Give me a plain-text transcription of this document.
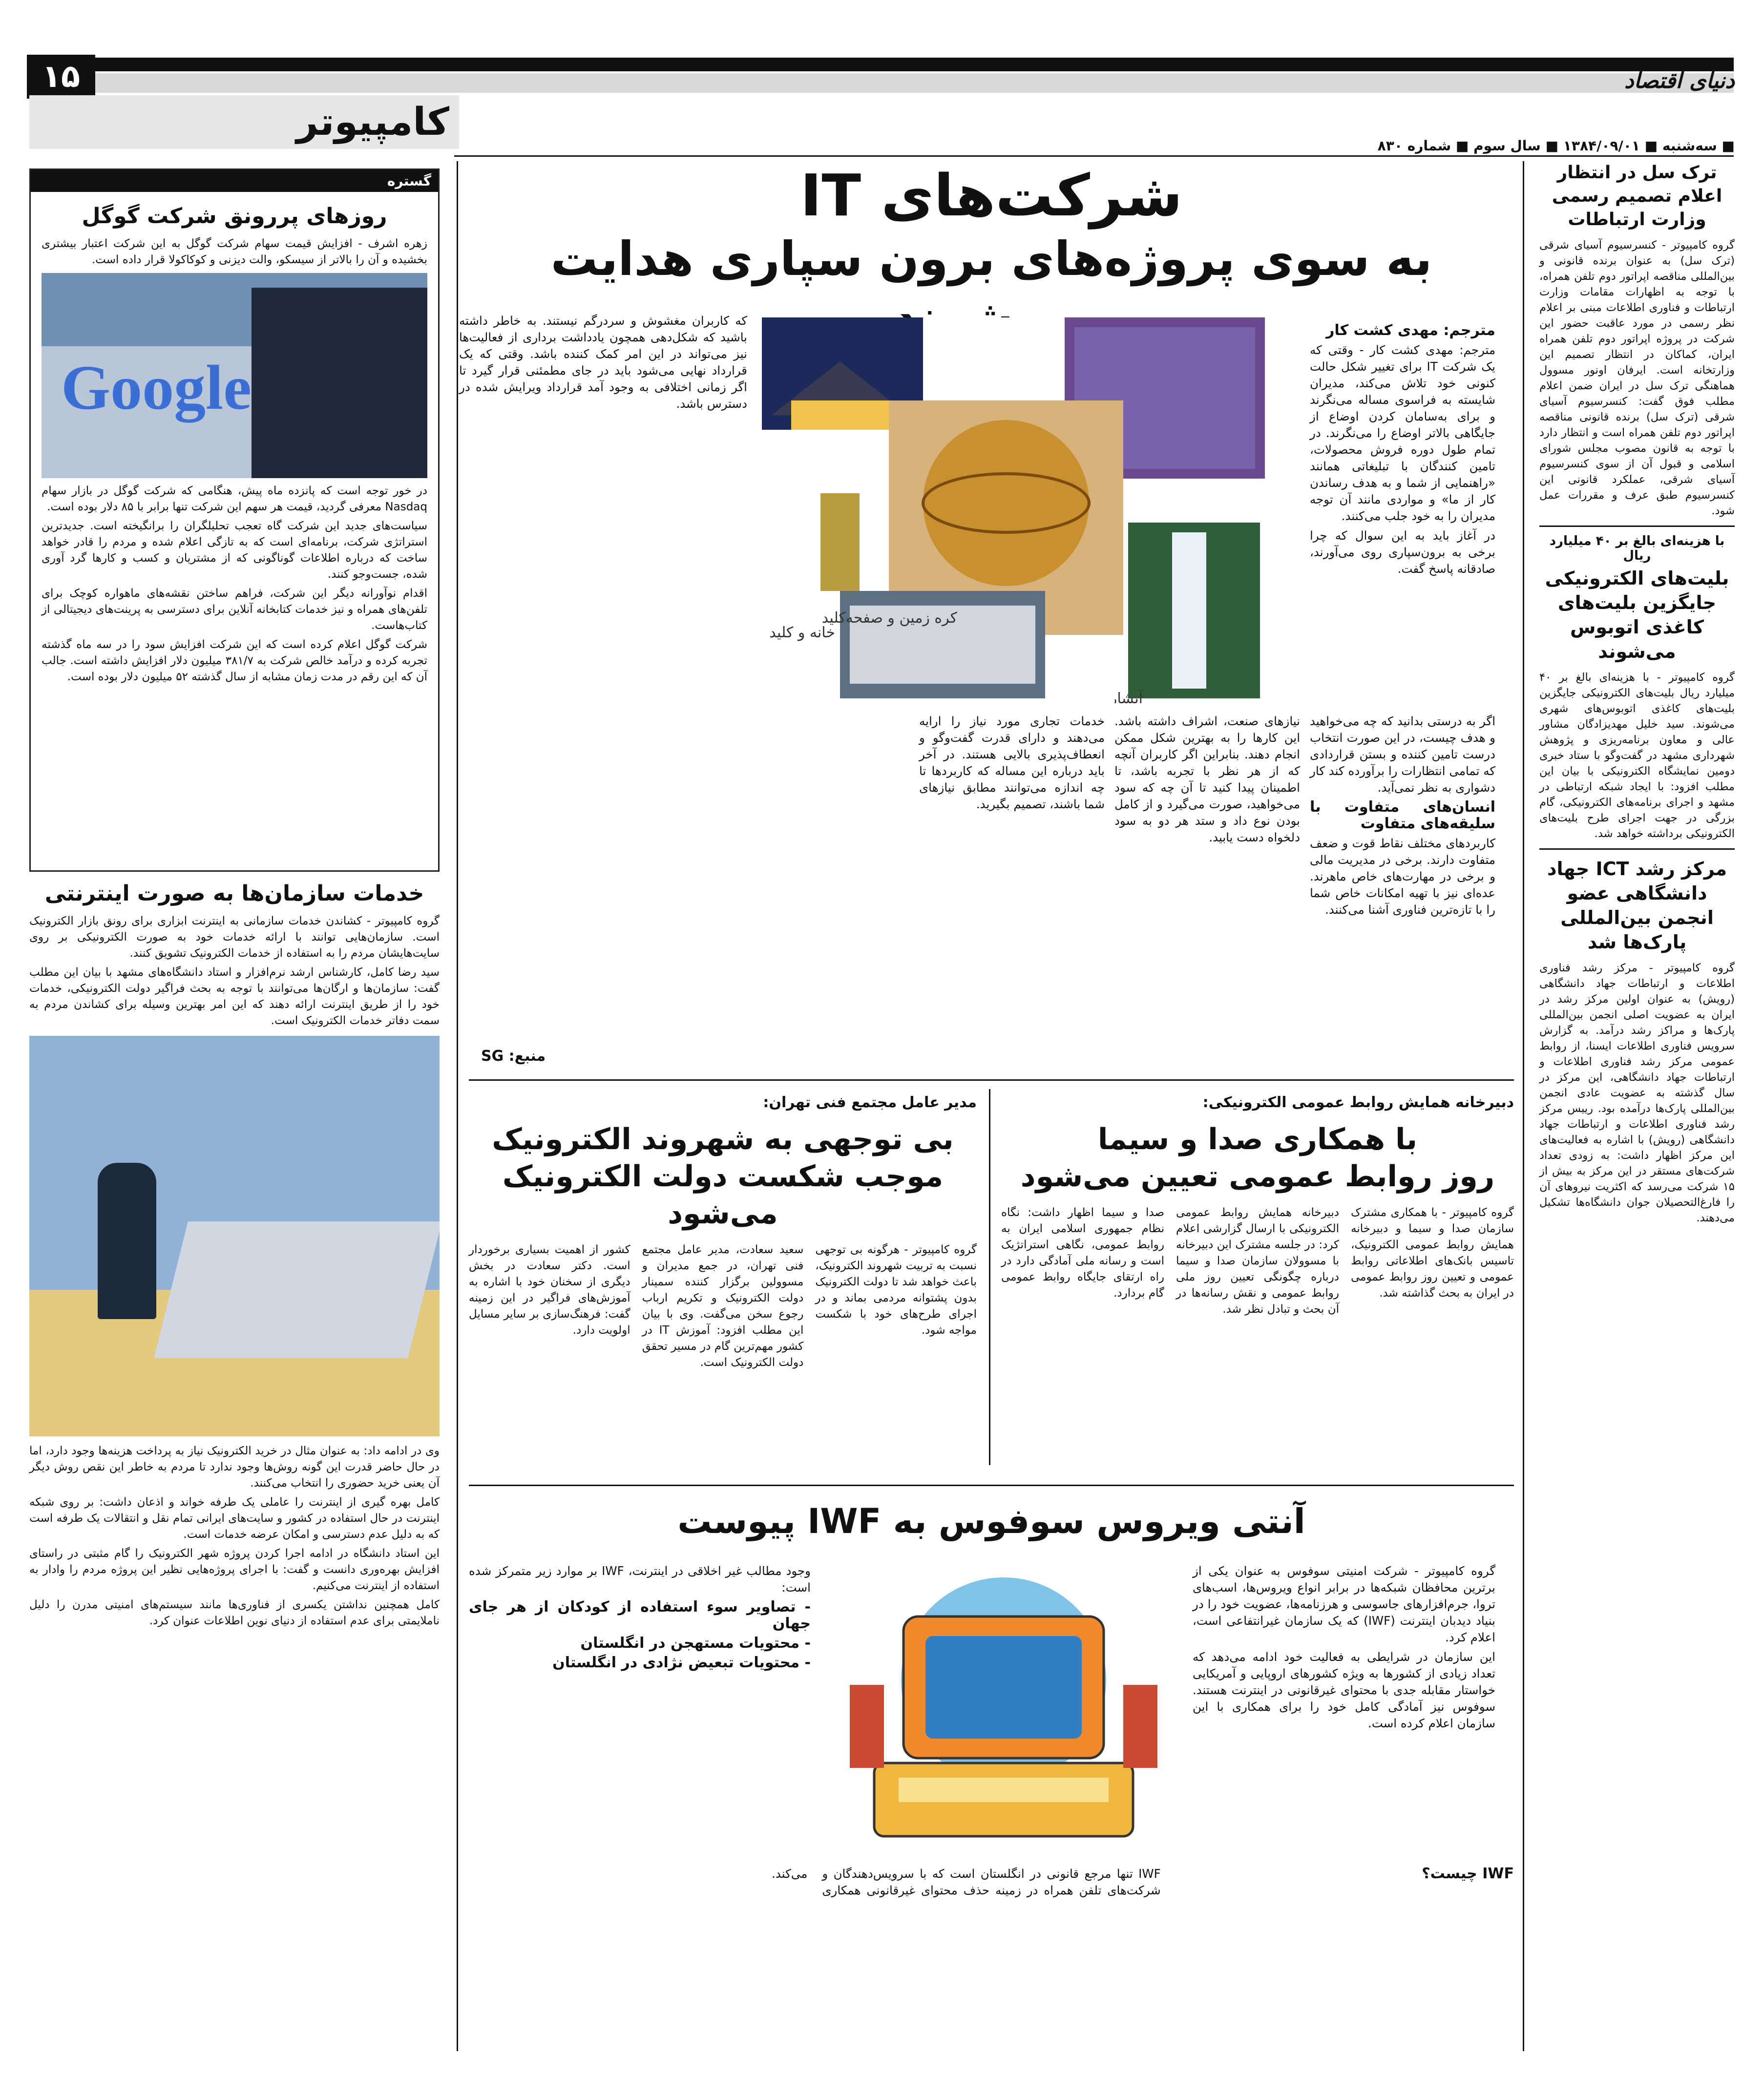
۱۵	دنیای اقتصاد
کامپیوتر
■ سه‌شنبه ■ ۱۳۸۴/۰۹/۰۱ ■ سال سوم ■ شماره ۸۳۰
ترک سل در انتظار اعلام تصمیم رسمی وزارت ارتباطات
گروه کامپیوتر - کنسرسیوم آسیای شرقی (ترک سل) به عنوان برنده قانونی و بین‌المللی مناقصه اپراتور دوم تلفن همراه، با توجه به اظهارات مقامات وزارت ارتباطات و فناوری اطلاعات مبنی بر اعلام نظر رسمی در مورد عاقبت حضور این شرکت در پروژه اپراتور دوم تلفن همراه ایران، کماکان در انتظار تصمیم این وزارتخانه است. ایرفان اونور مسوول هماهنگی ترک سل در ایران ضمن اعلام مطلب فوق گفت: کنسرسیوم آسیای شرقی (ترک سل) برنده قانونی مناقصه اپراتور دوم تلفن همراه است و انتظار دارد با توجه به قانون مصوب مجلس شورای اسلامی و قبول آن از سوی کنسرسیوم آسیای شرقی، عملکرد قانونی این کنسرسیوم طبق عرف و مقررات عمل شود.
با هزینه‌ای بالغ بر ۴۰ میلیارد ریال
بلیت‌های الکترونیکی جایگزین بلیت‌های کاغذی اتوبوس می‌شوند
گروه کامپیوتر - با هزینه‌ای بالغ بر ۴۰ میلیارد ریال بلیت‌های الکترونیکی جایگزین بلیت‌های کاغذی اتوبوس‌های شهری می‌شوند. سید خلیل مهدیزادگان مشاور عالی و معاون برنامه‌ریزی و پژوهش شهرداری مشهد در گفت‌وگو با ستاد خبری دومین نمایشگاه الکترونیکی با بیان این مطلب افزود: با ایجاد شبکه ارتباطی در مشهد و اجرای برنامه‌های الکترونیکی، گام بزرگی در جهت اجرای طرح بلیت‌های الکترونیکی برداشته خواهد شد.
مرکز رشد ICT جهاد دانشگاهی عضو انجمن بین‌المللی پارک‌ها شد
گروه کامپیوتر - مرکز رشد فناوری اطلاعات و ارتباطات جهاد دانشگاهی (رویش) به عنوان اولین مرکز رشد در ایران به عضویت اصلی انجمن بین‌المللی پارک‌ها و مراکز رشد درآمد. به گزارش سرویس فناوری اطلاعات ایسنا، از روابط عمومی مرکز رشد فناوری اطلاعات و ارتباطات جهاد دانشگاهی، این مرکز در سال گذشته به عضویت عادی انجمن بین‌المللی پارک‌ها درآمده بود. رییس مرکز رشد فناوری اطلاعات و ارتباطات جهاد دانشگاهی (رویش) با اشاره به فعالیت‌های این مرکز اظهار داشت: به زودی تعداد شرکت‌های مستقر در این مرکز به بیش از ۱۵ شرکت می‌رسد که اکثریت نیروهای آن را فارغ‌التحصیلان جوان دانشگاه‌ها تشکیل می‌دهند.
شرکت‌های IT
به سوی پروژه‌های برون سپاری هدایت
خانه و کلید
کره زمین و صفحه‌کلید
آبشار

مترجم: مهدی کشت کار

مترجم: مهدی کشت کار - وقتی که یک شرکت IT برای تغییر شکل حالت کنونی خود تلاش می‌کند، مدیران شایسته به فراسوی مساله می‌نگرند و برای به‌سامان کردن اوضاع از جایگاهی بالاتر اوضاع را می‌نگرند. در تمام طول دوره فروش محصولات، تامین کنندگان با تبلیغاتی همانند «راهنمایی از شما و به هدف رساندن کار از ما» و مواردی مانند آن توجه مدیران را به خود جلب می‌کنند.

در آغاز باید به این سوال که چرا برخی به برون‌سپاری روی می‌آورند، صادقانه پاسخ گفت.

که کاربران مغشوش و سردرگم نیستند. به خاطر داشته باشید که شکل‌دهی همچون یادداشت برداری از فعالیت‌ها نیز می‌تواند در این امر کمک کننده باشد. وقتی که یک قرارداد نهایی می‌شود باید در جای مطمئنی قرار گیرد تا اگر زمانی اختلافی به وجود آمد قرارداد ویرایش شده در دسترس باشد.

اگر به درستی بدانید که چه می‌خواهید و هدف چیست، در این صورت انتخاب درست تامین کننده و بستن قراردادی که تمامی انتظارات را برآورده کند کار دشواری به نظر نمی‌آید.

انسان‌های متفاوت با سلیقه‌های متفاوت

کاربردهای مختلف نقاط قوت و ضعف متفاوت دارند. برخی در مدیریت مالی و برخی در مهارت‌های خاص ماهرند. عده‌ای نیز با تهیه امکانات خاص شما را با تازه‌ترین فناوری آشنا می‌کنند.

نیازهای صنعت، اشراف داشته باشد. این کارها را به بهترین شکل ممکن انجام دهند. بنابراین اگر کاربران آنچه که از هر نظر با تجربه باشد، تا اطمینان پیدا کنید تا آن چه که سود می‌خواهید، صورت می‌گیرد و از کامل بودن نوع داد و ستد هر دو به سود دلخواه دست یابید.

خدمات تجاری مورد نیاز را ارایه می‌دهند و دارای قدرت گفت‌وگو و انعطاف‌پذیری بالایی هستند. در آخر باید درباره این مساله که کاربردها تا چه اندازه می‌توانند مطابق نیازهای شما باشند، تصمیم بگیرید.

منبع: SG
دبیرخانه همایش روابط عمومی الکترونیکی:
با همکاری صدا و سیما
روز روابط عمومی تعیین می‌شود

گروه کامپیوتر - با همکاری مشترک سازمان صدا و سیما و دبیرخانه همایش روابط عمومی الکترونیک، تاسیس بانک‌های اطلاعاتی روابط عمومی و تعیین روز روابط عمومی در ایران به بحث گذاشته شد.

دبیرخانه همایش روابط عمومی الکترونیکی با ارسال گزارشی اعلام کرد: در جلسه مشترک این دبیرخانه با مسوولان سازمان صدا و سیما درباره چگونگی تعیین روز ملی روابط عمومی و نقش رسانه‌ها در آن بحث و تبادل نظر شد.

صدا و سیما اظهار داشت: نگاه نظام جمهوری اسلامی ایران به روابط عمومی، نگاهی استراتژیک است و رسانه ملی آمادگی دارد در راه ارتقای جایگاه روابط عمومی گام بردارد.

مدیر عامل مجتمع فنی تهران:
بی توجهی به شهروند الکترونیک
موجب شکست دولت الکترونیک می‌شود

گروه کامپیوتر - هرگونه بی توجهی نسبت به تربیت شهروند الکترونیک، باعث خواهد شد تا دولت الکترونیک بدون پشتوانه مردمی بماند و در اجرای طرح‌های خود با شکست مواجه شود.

سعید سعادت، مدیر عامل مجتمع فنی تهران، در جمع مدیران و مسوولین برگزار کننده سمینار دولت الکترونیک و تکریم ارباب رجوع سخن می‌گفت. وی با بیان این مطلب افزود: آموزش IT در کشور مهم‌ترین گام در مسیر تحقق دولت الکترونیک است.

کشور از اهمیت بسیاری برخوردار است. دکتر سعادت در بخش دیگری از سخنان خود با اشاره به آموزش‌های فراگیر در این زمینه گفت: فرهنگ‌سازی بر سایر مسایل اولویت دارد.

آنتی ویروس سوفوس به IWF پیوست

گروه کامپیوتر - شرکت امنیتی سوفوس به عنوان یکی از برترین محافظان شبکه‌ها در برابر انواع ویروس‌ها، اسب‌های تروا، جرم‌افزارهای جاسوسی و هرزنامه‌ها، عضویت خود را در بنیاد دیدبان اینترنت (IWF) که یک سازمان غیرانتفاعی است، اعلام کرد.

این سازمان در شرایطی به فعالیت خود ادامه می‌دهد که تعداد زیادی از کشورها به ویژه کشورهای اروپایی و آمریکایی خواستار مقابله جدی با محتوای غیرقانونی در اینترنت هستند. سوفوس نیز آمادگی کامل خود را برای همکاری با این سازمان اعلام کرده است.

وجود مطالب غیر اخلاقی در اینترنت، IWF بر موارد زیر متمرکز شده است:

- تصاویر سوء استفاده از کودکان از هر جای جهان

- محتویات مستهجن در انگلستان

- محتویات تبعیض نژادی در انگلستان

IWF چیست؟

IWF تنها مرجع قانونی در انگلستان است که با سرویس‌دهندگان و شرکت‌های تلفن همراه در زمینه حذف محتوای غیرقانونی همکاری می‌کند.

گستره
روزهای پررونق شرکت گوگل

زهره اشرف - افزایش قیمت سهام شرکت گوگل به این شرکت اعتبار بیشتری بخشیده و آن را بالاتر از سیسکو، والت دیزنی و کوکاکولا قرار داده است.

Google

در خور توجه است که پانزده ماه پیش، هنگامی که شرکت گوگل در بازار سهام Nasdaq معرفی گردید، قیمت هر سهم این شرکت تنها برابر با ۸۵ دلار بوده است.

سیاست‌های جدید این شرکت گاه تعجب تحلیلگران را برانگیخته است. جدیدترین استراتژی شرکت، برنامه‌ای است که به تازگی اعلام شده و مردم را قادر خواهد ساخت که درباره اطلاعات گوناگونی که از مشتریان و کسب و کارها گرد آوری شده، جست‌وجو کنند.

اقدام نوآورانه دیگر این شرکت، فراهم ساختن نقشه‌های ماهواره کوچک برای تلفن‌های همراه و نیز خدمات کتابخانه آنلاین برای دسترسی به پرینت‌های دیجیتالی از کتاب‌هاست.

شرکت گوگل اعلام کرده است که این شرکت افزایش سود را در سه ماه گذشته تجربه کرده و درآمد خالص شرکت به ۳۸۱/۷ میلیون دلار افزایش داشته است. جالب آن که این رقم در مدت زمان مشابه از سال گذشته ۵۲ میلیون دلار بوده است.

خدمات سازمان‌ها به صورت اینترنتی

گروه کامپیوتر - کشاندن خدمات سازمانی به اینترنت ابزاری برای رونق بازار الکترونیک است. سازمان‌هایی توانند با ارائه خدمات خود به صورت الکترونیکی بر روی سایت‌هایشان مردم را به استفاده از خدمات الکترونیک تشویق کنند.

سید رضا کامل، کارشناس ارشد نرم‌افزار و استاد دانشگاه‌های مشهد با بیان این مطلب گفت: سازمان‌ها و ارگان‌ها می‌توانند با توجه به بحث فراگیر دولت الکترونیکی، خدمات خود را از طریق اینترنت ارائه دهند که این امر بهترین وسیله برای کشاندن مردم به سمت دفاتر خدمات الکترونیک است.

وی در ادامه داد: به عنوان مثال در خرید الکترونیک نیاز به پرداخت هزینه‌ها وجود دارد، اما در حال حاضر قدرت این گونه روش‌ها وجود ندارد تا مردم به خاطر این نقص روش دیگر آن یعنی خرید حضوری را انتخاب می‌کنند.

کامل بهره گیری از اینترنت را عاملی یک طرفه خواند و اذعان داشت: بر روی شبکه اینترنت در حال استفاده در کشور و سایت‌های ایرانی تمام نقل و انتقالات یک طرفه است که به دلیل عدم دسترسی و امکان عرضه خدمات است.

این استاد دانشگاه در ادامه اجرا کردن پروژه شهر الکترونیک را گام مثبتی در راستای افزایش بهره‌وری دانست و گفت: با اجرای پروژه‌هایی نظیر این پروژه مردم را وادار به استفاده از اینترنت می‌کنیم.

کامل همچنین نداشتن یکسری از فناوری‌ها مانند سیستم‌های امنیتی مدرن را دلیل ناملایمتی برای عدم استفاده از دنیای نوین اطلاعات عنوان کرد.
